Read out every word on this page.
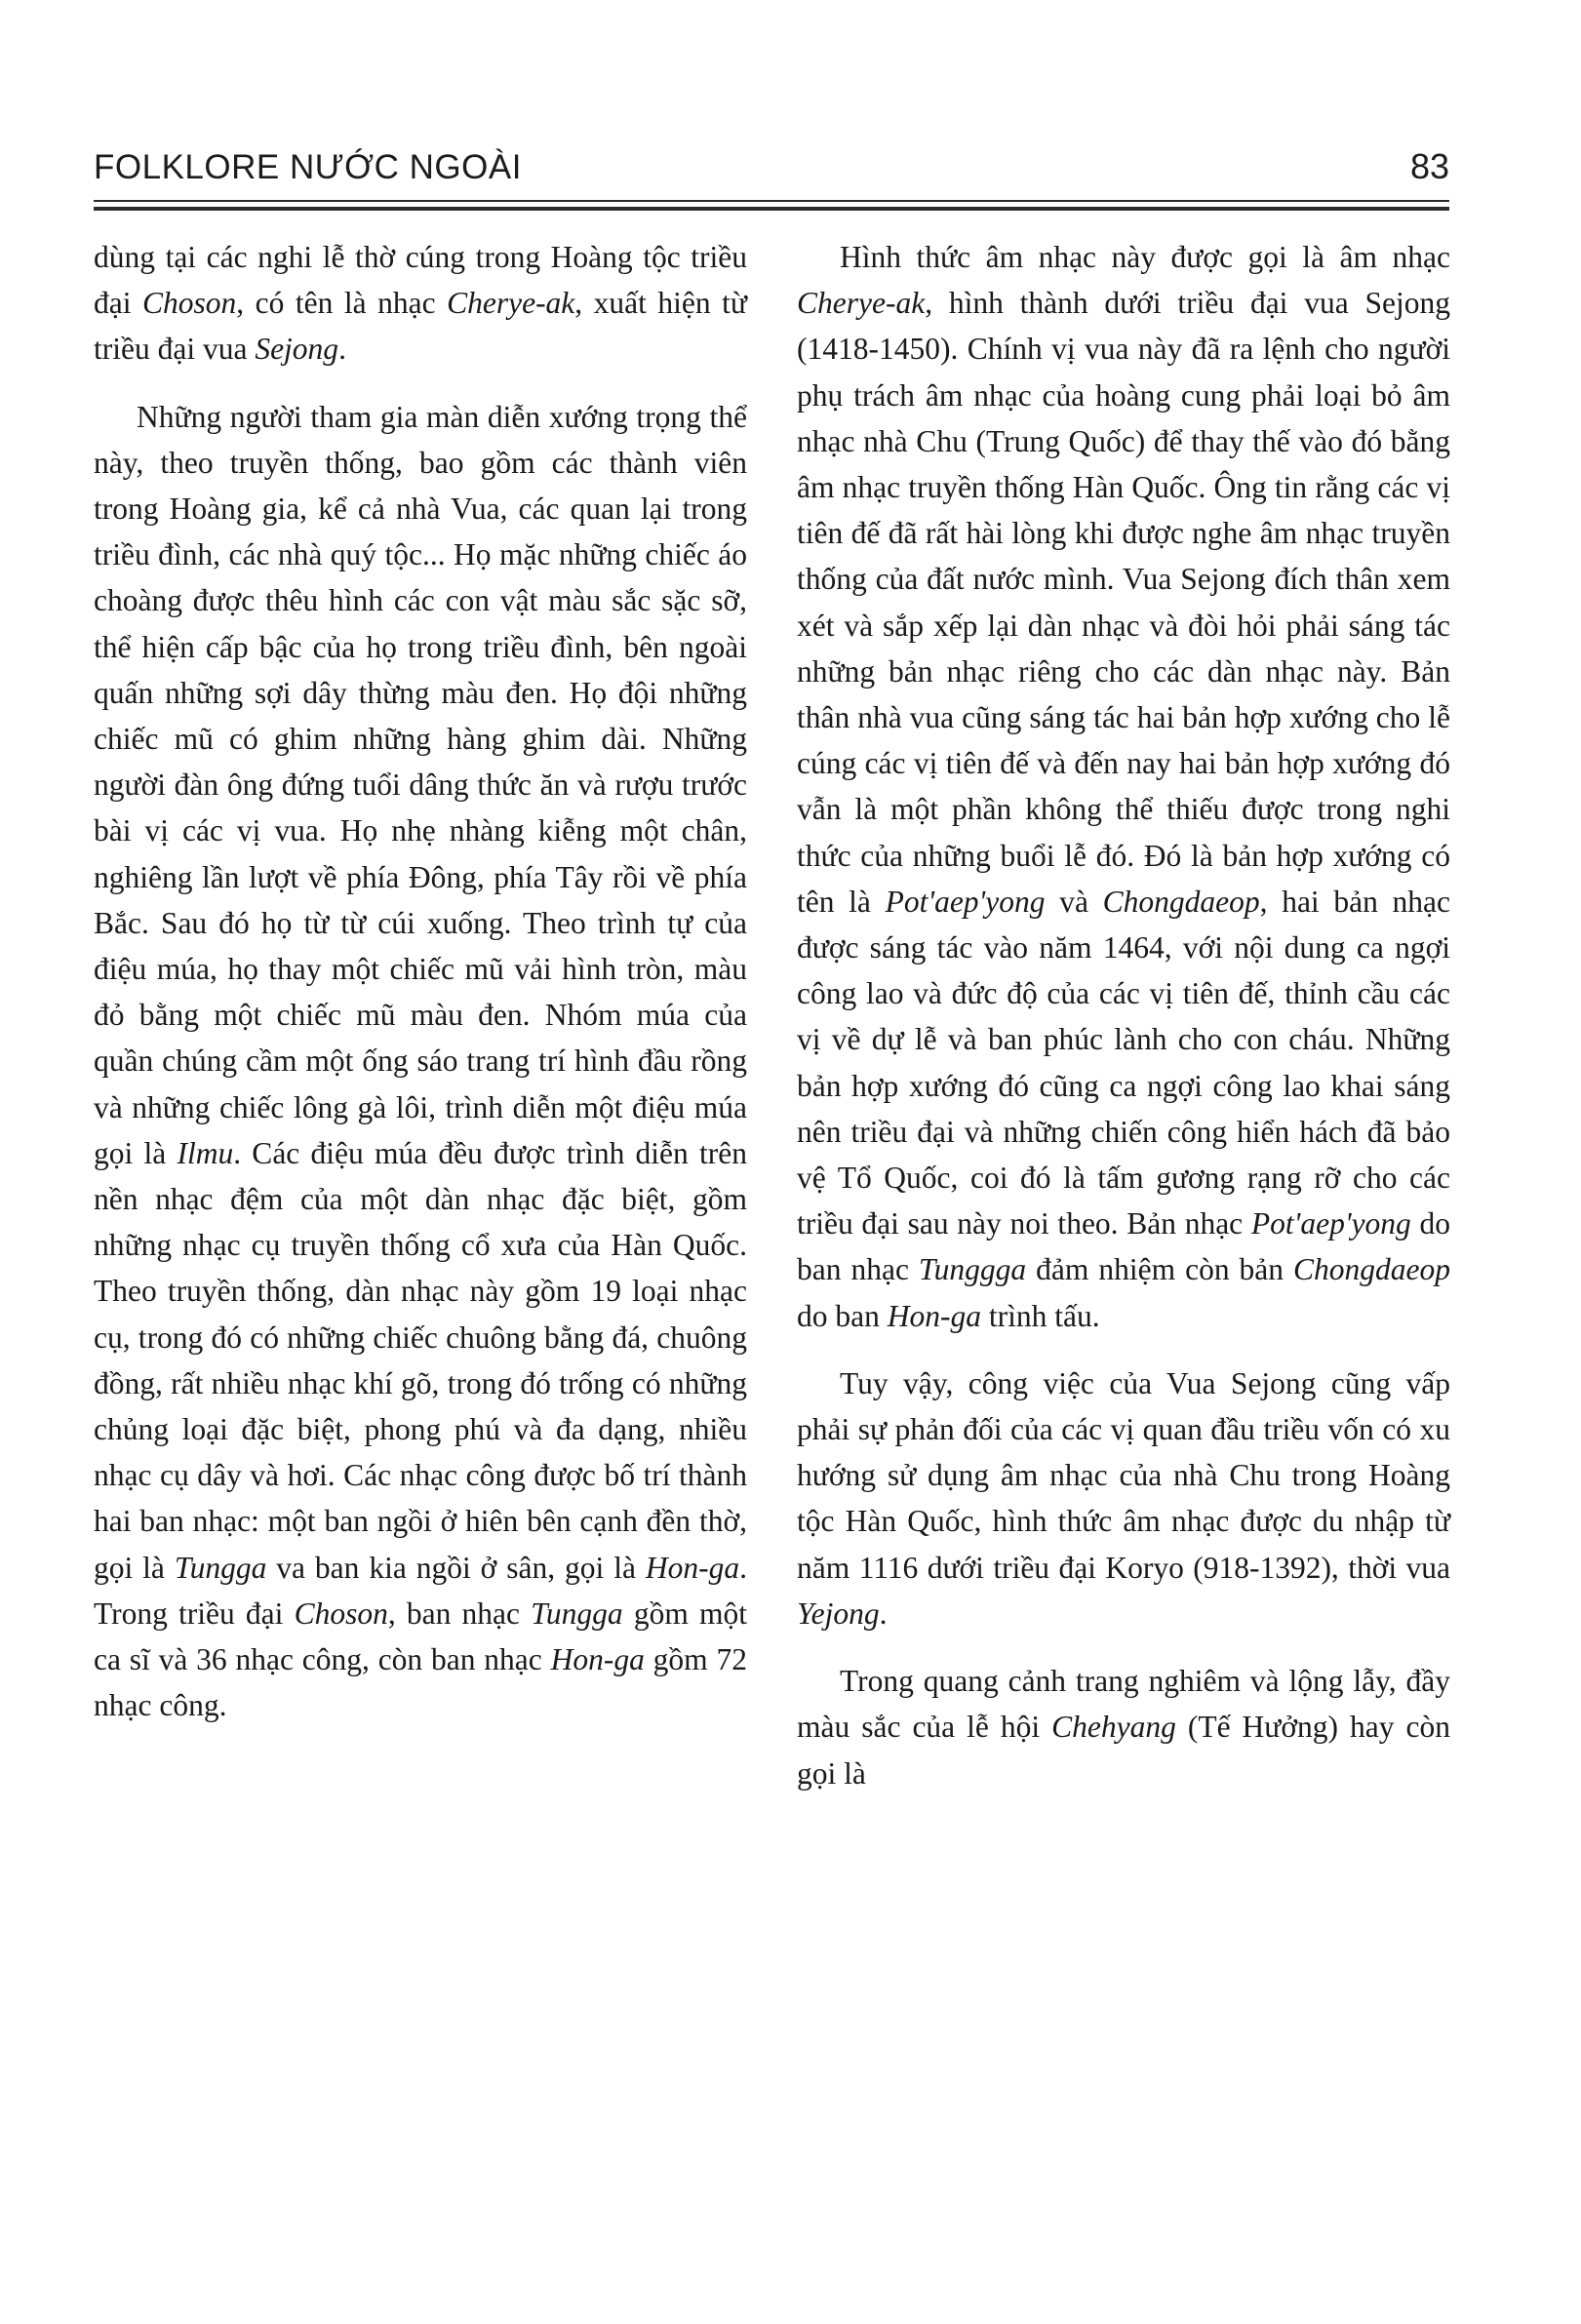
FOLKLORE NƯỚC NGOÀI	83

dùng tại các nghi lễ thờ cúng trong Hoàng tộc triều đại Choson, có tên là nhạc Cherye-ak, xuất hiện từ triều đại vua Sejong.

Những người tham gia màn diễn xướng trọng thể này, theo truyền thống, bao gồm các thành viên trong Hoàng gia, kể cả nhà Vua, các quan lại trong triều đình, các nhà quý tộc... Họ mặc những chiếc áo choàng được thêu hình các con vật màu sắc sặc sỡ, thể hiện cấp bậc của họ trong triều đình, bên ngoài quấn những sợi dây thừng màu đen. Họ đội những chiếc mũ có ghim những hàng ghim dài. Những người đàn ông đứng tuổi dâng thức ăn và rượu trước bài vị các vị vua. Họ nhẹ nhàng kiễng một chân, nghiêng lần lượt về phía Đông, phía Tây rồi về phía Bắc. Sau đó họ từ từ cúi xuống. Theo trình tự của điệu múa, họ thay một chiếc mũ vải hình tròn, màu đỏ bằng một chiếc mũ màu đen. Nhóm múa của quần chúng cầm một ống sáo trang trí hình đầu rồng và những chiếc lông gà lôi, trình diễn một điệu múa gọi là Ilmu. Các điệu múa đều được trình diễn trên nền nhạc đệm của một dàn nhạc đặc biệt, gồm những nhạc cụ truyền thống cổ xưa của Hàn Quốc. Theo truyền thống, dàn nhạc này gồm 19 loại nhạc cụ, trong đó có những chiếc chuông bằng đá, chuông đồng, rất nhiều nhạc khí gõ, trong đó trống có những chủng loại đặc biệt, phong phú và đa dạng, nhiều nhạc cụ dây và hơi. Các nhạc công được bố trí thành hai ban nhạc: một ban ngồi ở hiên bên cạnh đền thờ, gọi là Tungga va ban kia ngồi ở sân, gọi là Hon-ga. Trong triều đại Choson, ban nhạc Tungga gồm một ca sĩ và 36 nhạc công, còn ban nhạc Hon-ga gồm 72 nhạc công.

Hình thức âm nhạc này được gọi là âm nhạc Cherye-ak, hình thành dưới triều đại vua Sejong (1418-1450). Chính vị vua này đã ra lệnh cho người phụ trách âm nhạc của hoàng cung phải loại bỏ âm nhạc nhà Chu (Trung Quốc) để thay thế vào đó bằng âm nhạc truyền thống Hàn Quốc. Ông tin rằng các vị tiên đế đã rất hài lòng khi được nghe âm nhạc truyền thống của đất nước mình. Vua Sejong đích thân xem xét và sắp xếp lại dàn nhạc và đòi hỏi phải sáng tác những bản nhạc riêng cho các dàn nhạc này. Bản thân nhà vua cũng sáng tác hai bản hợp xướng cho lễ cúng các vị tiên đế và đến nay hai bản hợp xướng đó vẫn là một phần không thể thiếu được trong nghi thức của những buổi lễ đó. Đó là bản hợp xướng có tên là Pot'aep'yong và Chongdaeop, hai bản nhạc được sáng tác vào năm 1464, với nội dung ca ngợi công lao và đức độ của các vị tiên đế, thỉnh cầu các vị về dự lễ và ban phúc lành cho con cháu. Những bản hợp xướng đó cũng ca ngợi công lao khai sáng nên triều đại và những chiến công hiển hách đã bảo vệ Tổ Quốc, coi đó là tấm gương rạng rỡ cho các triều đại sau này noi theo. Bản nhạc Pot'aep'yong do ban nhạc Tunggga đảm nhiệm còn bản Chongdaeop do ban Hon-ga trình tấu.

Tuy vậy, công việc của Vua Sejong cũng vấp phải sự phản đối của các vị quan đầu triều vốn có xu hướng sử dụng âm nhạc của nhà Chu trong Hoàng tộc Hàn Quốc, hình thức âm nhạc được du nhập từ năm 1116 dưới triều đại Koryo (918-1392), thời vua Yejong.

Trong quang cảnh trang nghiêm và lộng lẫy, đầy màu sắc của lễ hội Chehyang (Tế Hưởng) hay còn gọi là
